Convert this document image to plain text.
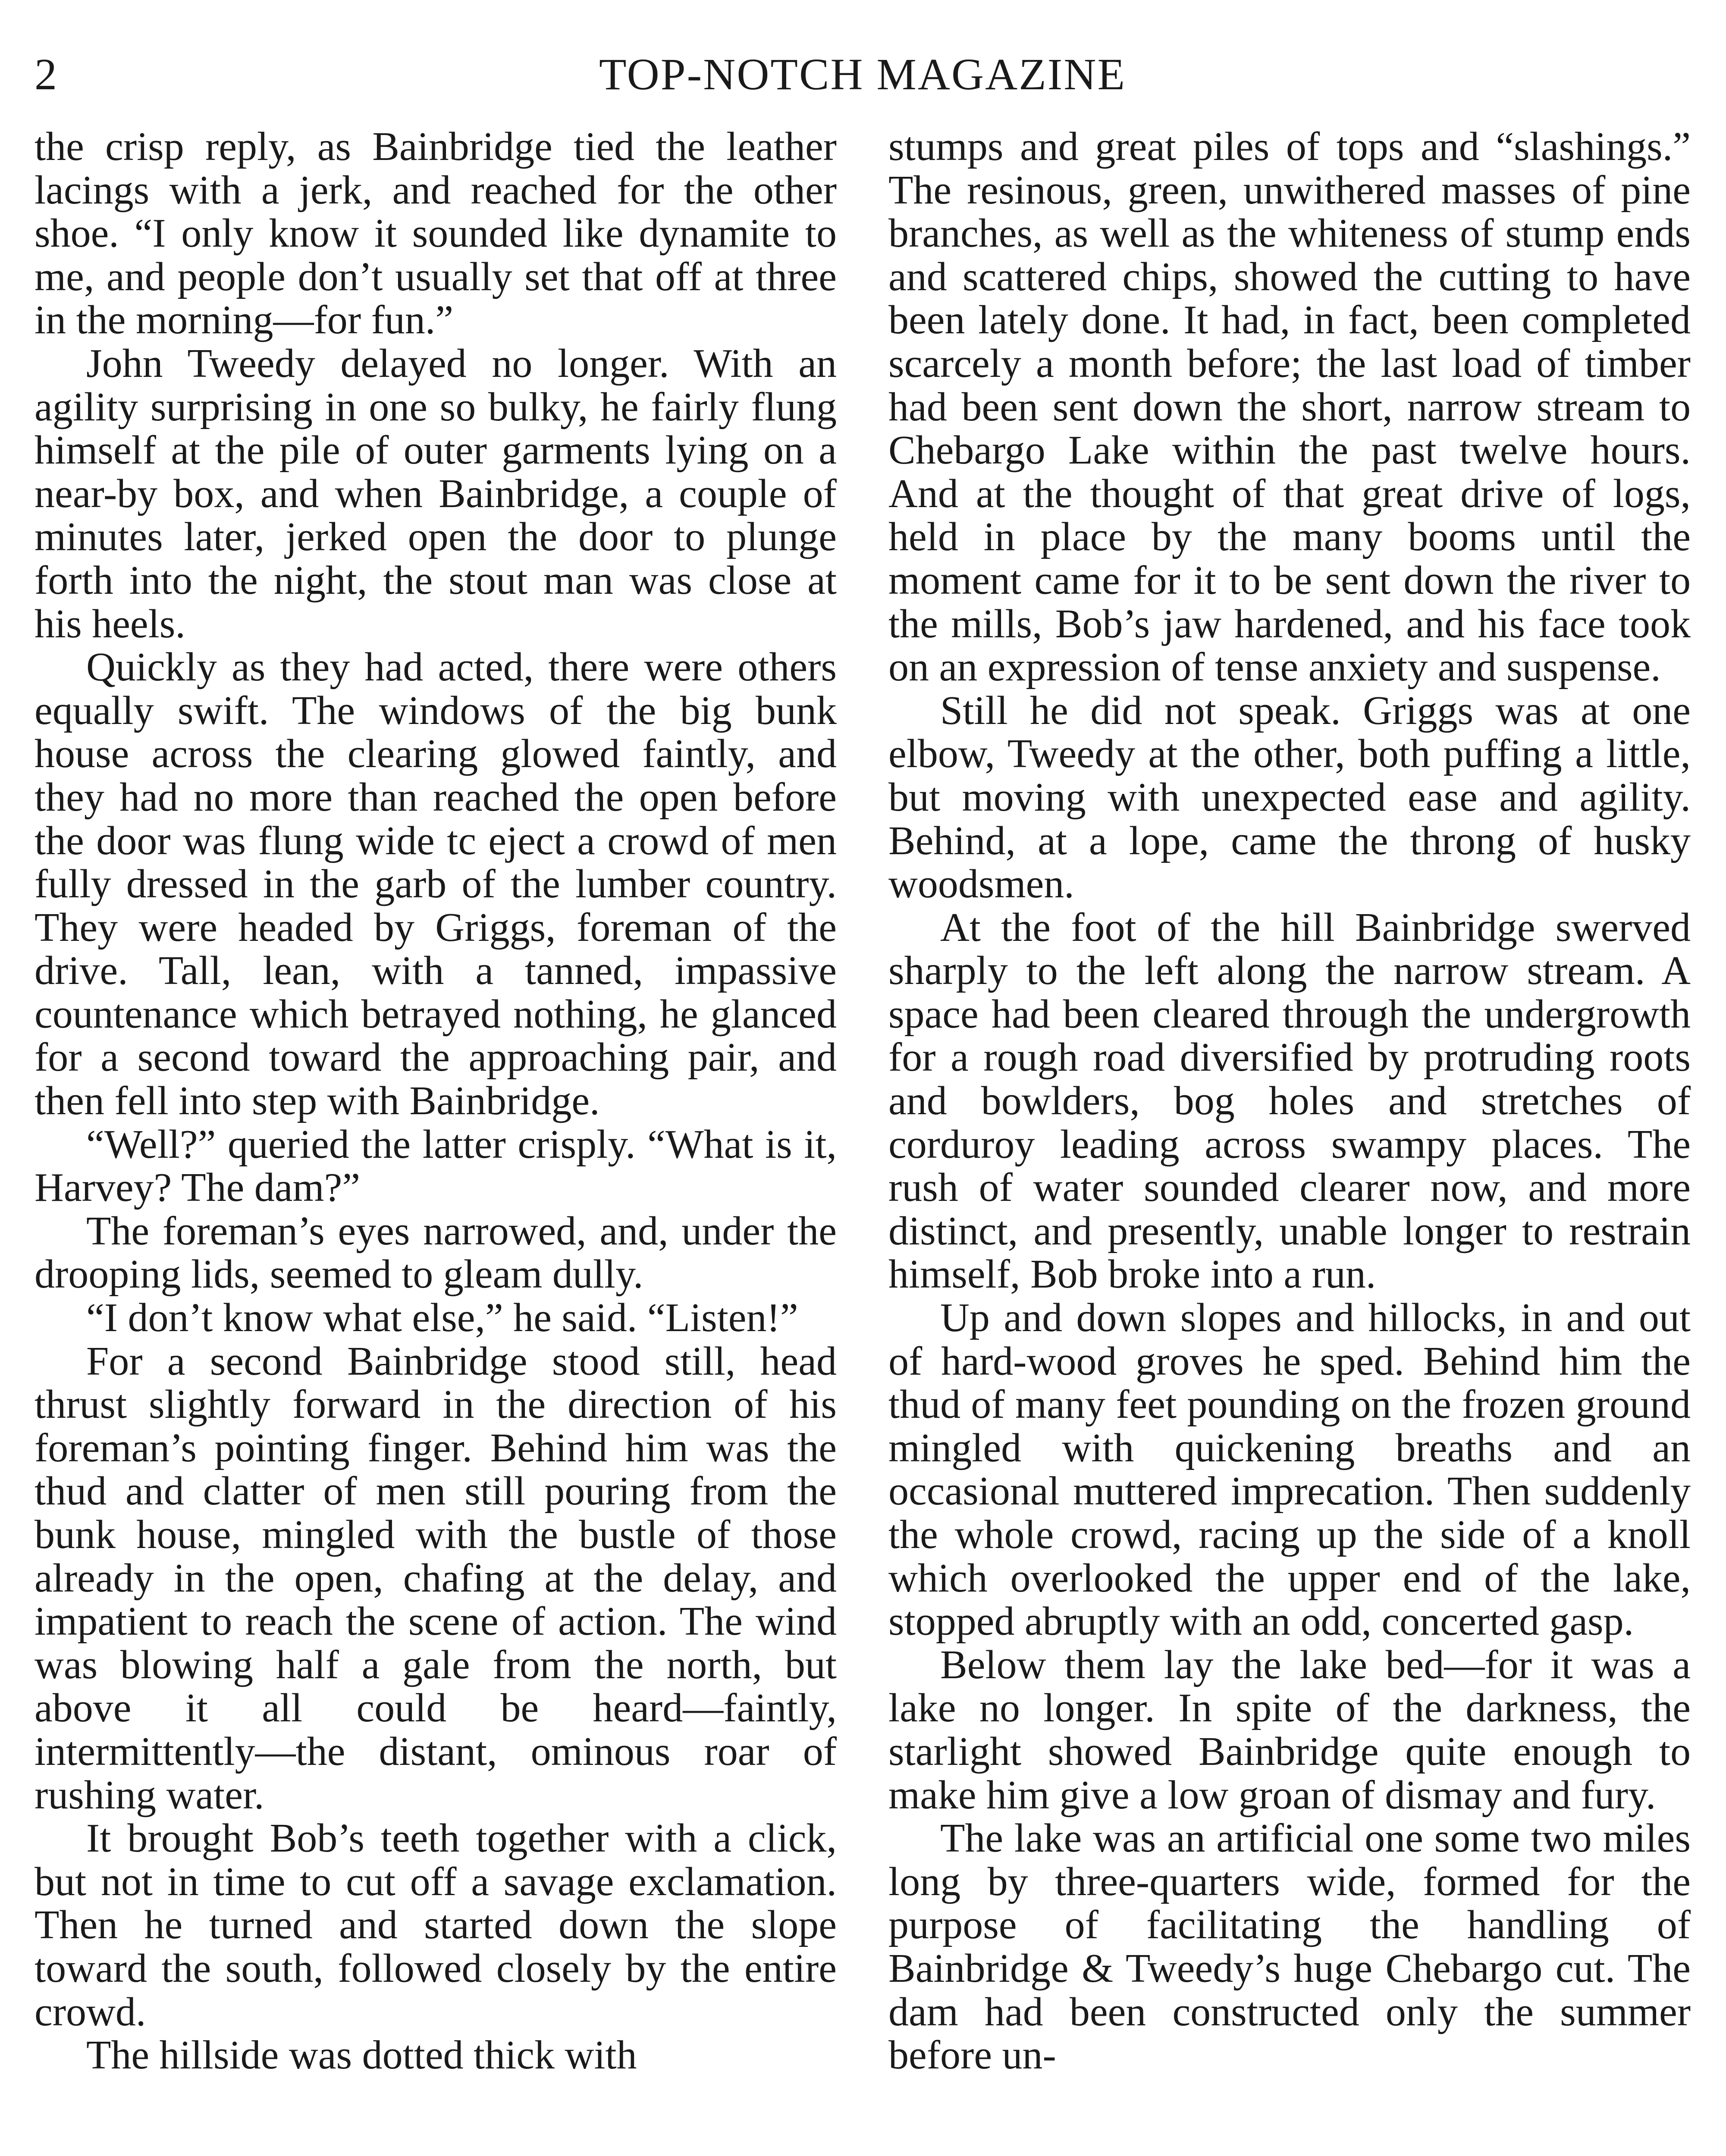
2	TOP-NOTCH MAGAZINE

the crisp reply, as Bainbridge tied the leather lacings with a jerk, and reached for the other shoe. “I only know it sounded like dynamite to me, and people don’t usually set that off at three in the morning—for fun.”

John Tweedy delayed no longer. With an agility surprising in one so bulky, he fairly flung himself at the pile of outer garments lying on a near-by box, and when Bainbridge, a couple of minutes later, jerked open the door to plunge forth into the night, the stout man was close at his heels.

Quickly as they had acted, there were others equally swift. The windows of the big bunk house across the clearing glowed faintly, and they had no more than reached the open before the door was flung wide tc eject a crowd of men fully dressed in the garb of the lumber country. They were headed by Griggs, foreman of the drive. Tall, lean, with a tanned, impassive countenance which betrayed nothing, he glanced for a second toward the approaching pair, and then fell into step with Bainbridge.

“Well?” queried the latter crisply. “What is it, Harvey? The dam?”

The foreman’s eyes narrowed, and, under the drooping lids, seemed to gleam dully.

“I don’t know what else,” he said. “Listen!”

For a second Bainbridge stood still, head thrust slightly forward in the direction of his foreman’s pointing finger. Behind him was the thud and clatter of men still pouring from the bunk house, mingled with the bustle of those already in the open, chafing at the delay, and impatient to reach the scene of action. The wind was blowing half a gale from the north, but above it all could be heard—faintly, intermittently—the distant, ominous roar of rushing water.

It brought Bob’s teeth together with a click, but not in time to cut off a savage exclamation. Then he turned and started down the slope toward the south, followed closely by the entire crowd.

The hillside was dotted thick with

stumps and great piles of tops and “slashings.” The resinous, green, unwithered masses of pine branches, as well as the whiteness of stump ends and scattered chips, showed the cutting to have been lately done. It had, in fact, been completed scarcely a month before; the last load of timber had been sent down the short, narrow stream to Chebargo Lake within the past twelve hours. And at the thought of that great drive of logs, held in place by the many booms until the moment came for it to be sent down the river to the mills, Bob’s jaw hardened, and his face took on an expression of tense anxiety and suspense.

Still he did not speak. Griggs was at one elbow, Tweedy at the other, both puffing a little, but moving with unexpected ease and agility. Behind, at a lope, came the throng of husky woodsmen.

At the foot of the hill Bainbridge swerved sharply to the left along the narrow stream. A space had been cleared through the undergrowth for a rough road diversified by protruding roots and bowlders, bog holes and stretches of corduroy leading across swampy places. The rush of water sounded clearer now, and more distinct, and presently, unable longer to restrain himself, Bob broke into a run.

Up and down slopes and hillocks, in and out of hard-wood groves he sped. Behind him the thud of many feet pounding on the frozen ground mingled with quickening breaths and an occasional muttered imprecation. Then suddenly the whole crowd, racing up the side of a knoll which overlooked the upper end of the lake, stopped abruptly with an odd, concerted gasp.

Below them lay the lake bed—for it was a lake no longer. In spite of the darkness, the starlight showed Bainbridge quite enough to make him give a low groan of dismay and fury.

The lake was an artificial one some two miles long by three-quarters wide, formed for the purpose of facilitating the handling of Bainbridge & Tweedy’s huge Chebargo cut. The dam had been constructed only the summer before un-
